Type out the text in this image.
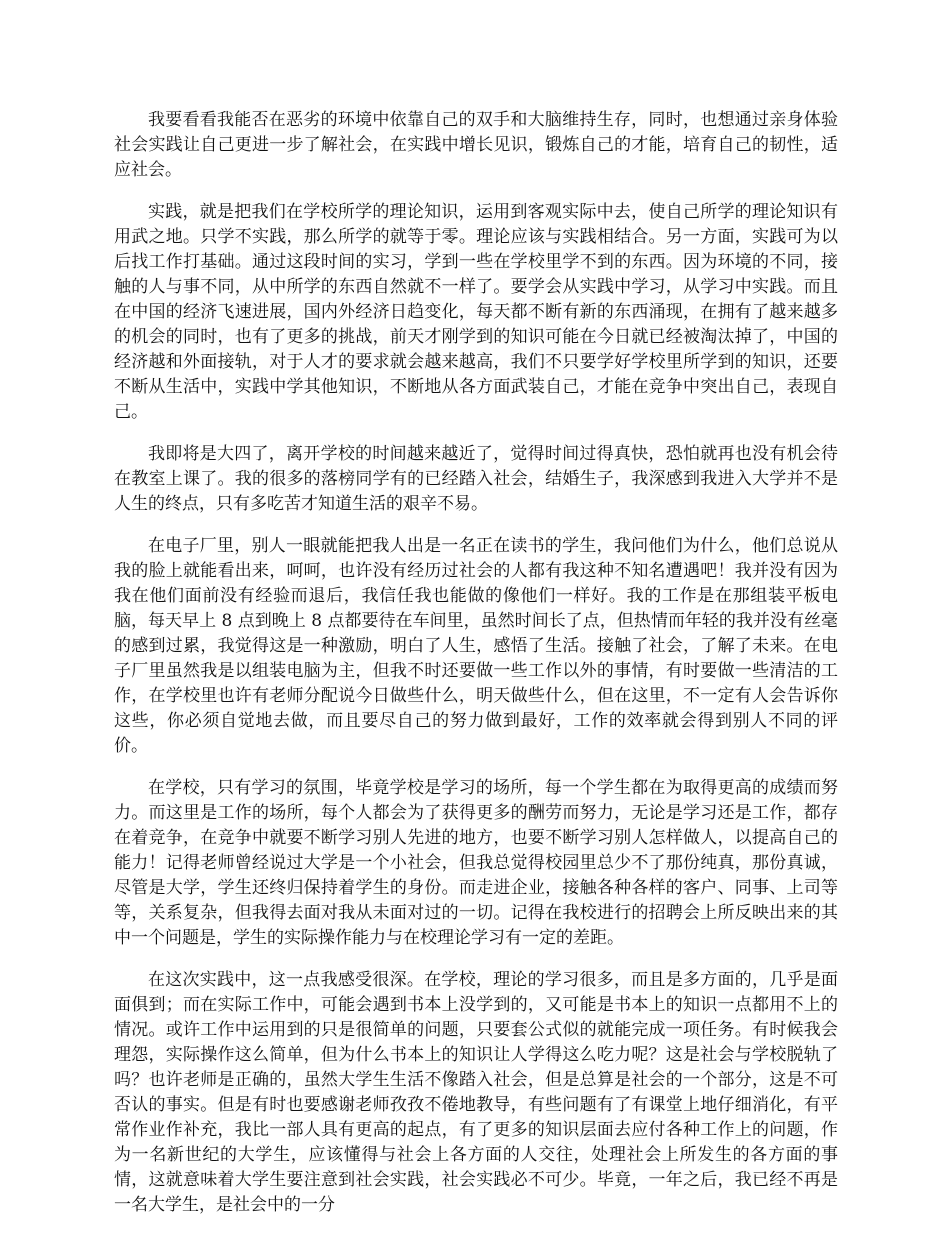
我要看看我能否在恶劣的环境中依靠自己的双手和大脑维持生存，同时，也想通过亲身体验社会实践让自己更进一步了解社会，在实践中增长见识，锻炼自己的才能，培育自己的韧性，适应社会。

实践，就是把我们在学校所学的理论知识，运用到客观实际中去，使自己所学的理论知识有用武之地。只学不实践，那么所学的就等于零。理论应该与实践相结合。另一方面，实践可为以后找工作打基础。通过这段时间的实习，学到一些在学校里学不到的东西。因为环境的不同，接触的人与事不同，从中所学的东西自然就不一样了。要学会从实践中学习，从学习中实践。而且在中国的经济飞速进展，国内外经济日趋变化，每天都不断有新的东西涌现，在拥有了越来越多的机会的同时，也有了更多的挑战，前天才刚学到的知识可能在今日就已经被淘汰掉了，中国的经济越和外面接轨，对于人才的要求就会越来越高，我们不只要学好学校里所学到的知识，还要不断从生活中，实践中学其他知识，不断地从各方面武装自己，才能在竞争中突出自己，表现自己。

我即将是大四了，离开学校的时间越来越近了，觉得时间过得真快，恐怕就再也没有机会待在教室上课了。我的很多的落榜同学有的已经踏入社会，结婚生子，我深感到我进入大学并不是人生的终点，只有多吃苦才知道生活的艰辛不易。

在电子厂里，别人一眼就能把我人出是一名正在读书的学生，我问他们为什么，他们总说从我的脸上就能看出来，呵呵，也许没有经历过社会的人都有我这种不知名遭遇吧！我并没有因为我在他们面前没有经验而退后，我信任我也能做的像他们一样好。我的工作是在那组装平板电脑，每天早上 8 点到晚上 8 点都要待在车间里，虽然时间长了点，但热情而年轻的我并没有丝毫的感到过累，我觉得这是一种激励，明白了人生，感悟了生活。接触了社会，了解了未来。在电子厂里虽然我是以组装电脑为主，但我不时还要做一些工作以外的事情，有时要做一些清洁的工作，在学校里也许有老师分配说今日做些什么，明天做些什么，但在这里，不一定有人会告诉你这些，你必须自觉地去做，而且要尽自己的努力做到最好，工作的效率就会得到别人不同的评价。

在学校，只有学习的氛围，毕竟学校是学习的场所，每一个学生都在为取得更高的成绩而努力。而这里是工作的场所，每个人都会为了获得更多的酬劳而努力，无论是学习还是工作，都存在着竞争，在竞争中就要不断学习别人先进的地方，也要不断学习别人怎样做人，以提高自己的能力！记得老师曾经说过大学是一个小社会，但我总觉得校园里总少不了那份纯真，那份真诚，尽管是大学，学生还终归保持着学生的身份。而走进企业，接触各种各样的客户、同事、上司等等，关系复杂，但我得去面对我从未面对过的一切。记得在我校进行的招聘会上所反映出来的其中一个问题是，学生的实际操作能力与在校理论学习有一定的差距。

在这次实践中，这一点我感受很深。在学校，理论的学习很多，而且是多方面的，几乎是面面俱到；而在实际工作中，可能会遇到书本上没学到的，又可能是书本上的知识一点都用不上的情况。或许工作中运用到的只是很简单的问题，只要套公式似的就能完成一项任务。有时候我会理怨，实际操作这么简单，但为什么书本上的知识让人学得这么吃力呢？这是社会与学校脱轨了吗？也许老师是正确的，虽然大学生生活不像踏入社会，但是总算是社会的一个部分，这是不可否认的事实。但是有时也要感谢老师孜孜不倦地教导，有些问题有了有课堂上地仔细消化，有平常作业作补充，我比一部人具有更高的起点，有了更多的知识层面去应付各种工作上的问题，作为一名新世纪的大学生，应该懂得与社会上各方面的人交往，处理社会上所发生的各方面的事情，这就意味着大学生要注意到社会实践，社会实践必不可少。毕竟，一年之后，我已经不再是一名大学生，是社会中的一分
